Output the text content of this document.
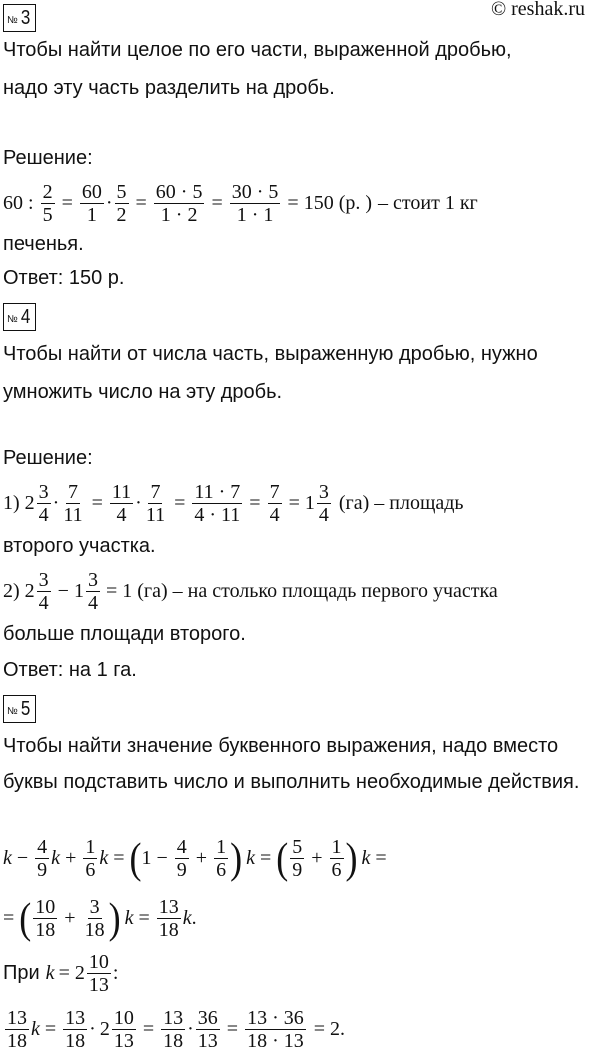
© reshak.ru
№ 3
Чтобы найти целое по его части, выраженной дробью,
надо эту часть разделить на дробь.
Решение:
60 : $\frac{2}{5} = \frac{60}{1} \cdot \frac{5}{2} = \frac{60 \cdot 5}{1 \cdot 2} = \frac{30 \cdot 5}{1 \cdot 1} = 150$ (р. ) – стоит 1 кг
печенья.
Ответ: 150 р.
№ 4
Чтобы найти от числа часть, выраженную дробью, нужно
умножить число на эту дробь.
Решение:
1) 2 3
4
· $\frac{7}{11} = \frac{11}{4} \cdot \frac{7}{11} = \frac{11 \cdot 7}{4 \cdot 11} = \frac{7}{4} = 1$ 3
4
(га) – площадь
второго участка.
2) 2 3
4
− $1 \frac{3}{4} = 1$ (га) – на столько площадь первого участка
больше площади второго.
Ответ: на 1 га.
№ 5
Чтобы найти значение буквенного выражения, надо вместо
буквы подставить число и выполнить необходимые действия.
$k - \frac{4}{9}$ $k + \frac{1}{6}$ k = ( $1 - \frac{4}{9} + \frac{1}{6}$ ) k = ( 5
9
+ $\frac{1}{6}$ ) k =
= ( 10
18
+ $\frac{3}{18}$ ) $k = \frac{13}{18}$ k .
При k = 2 10
13
:
13
18
$k = \frac{13}{18} \cdot 2 \frac{10}{13} = \frac{13}{18} \cdot \frac{36}{13} = \frac{13 \cdot 36}{18 \cdot 13} = 2$.
